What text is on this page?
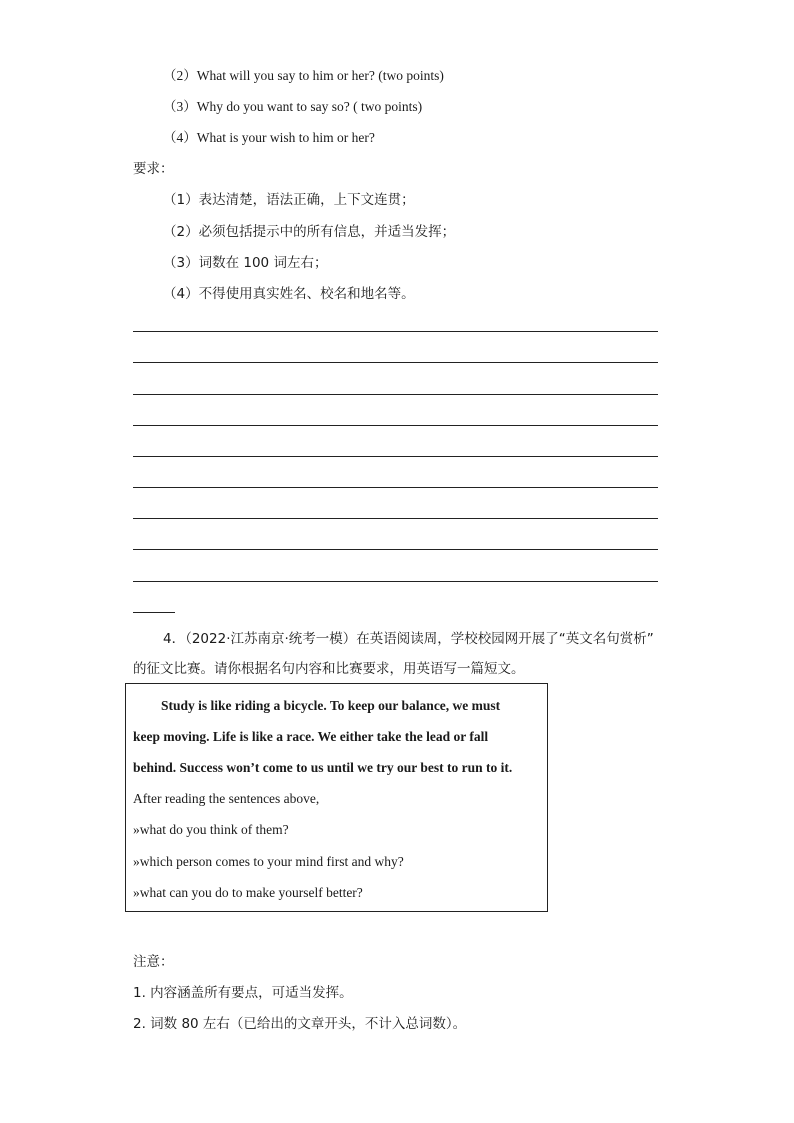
（2）What will you say to him or her? (two points)
（3）Why do you want to say so? ( two points)
（4）What is your wish to him or her?
要求：
（1）表达清楚，语法正确，上下文连贯；
（2）必须包括提示中的所有信息，并适当发挥；
（3）词数在 100 词左右；
（4）不得使用真实姓名、校名和地名等。
4．（2022·江苏南京·统考一模）在英语阅读周，学校校园网开展了“英文名句赏析”
的征文比赛。请你根据名句内容和比赛要求，用英语写一篇短文。
Study is like riding a bicycle. To keep our balance, we must
keep moving. Life is like a race. We either take the lead or fall
behind. Success won’t come to us until we try our best to run to it.
After reading the sentences above,
»what do you think of them?
»which person comes to your mind first and why?
»what can you do to make yourself better?
注意：
1. 内容涵盖所有要点，可适当发挥。
2. 词数 80 左右（已给出的文章开头，不计入总词数）。
